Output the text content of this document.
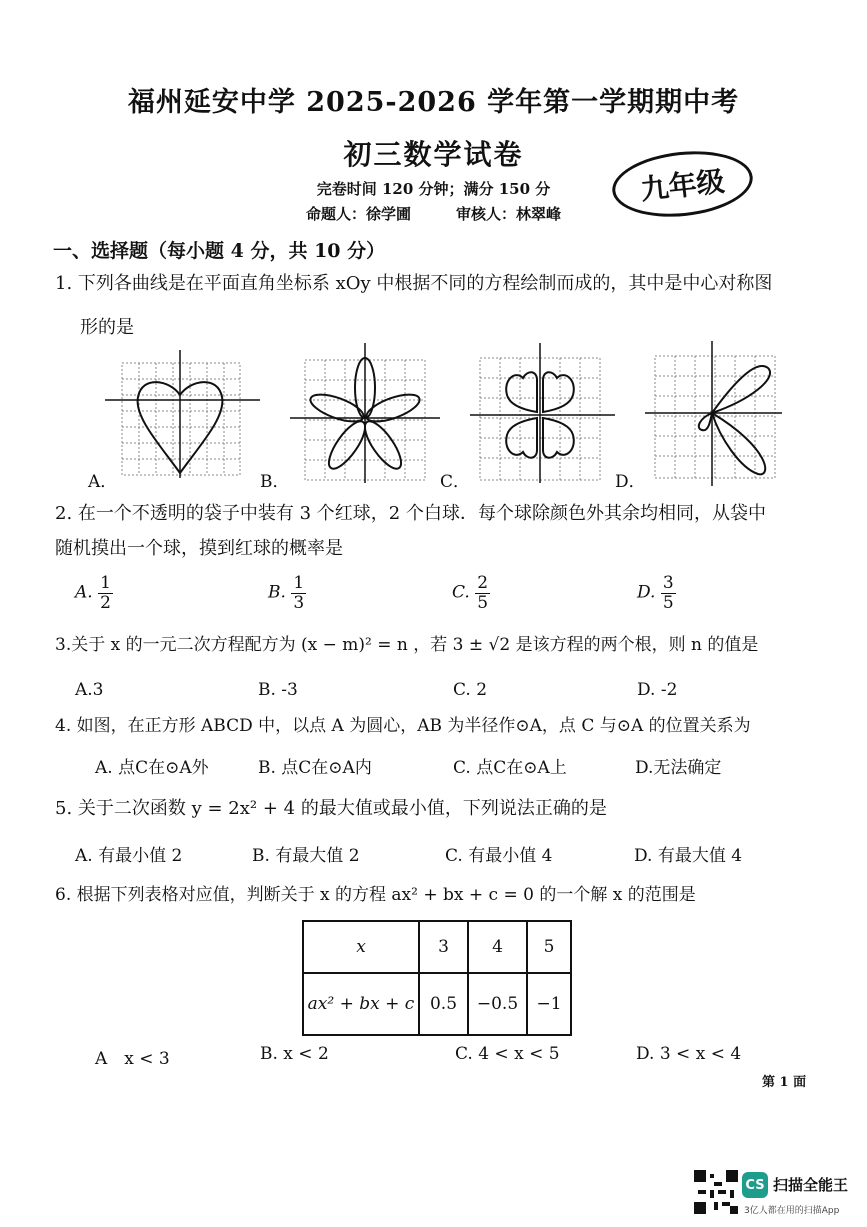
福州延安中学 2025-2026 学年第一学期期中考
初三数学试卷
完卷时间 120 分钟；满分 150 分
命题人：徐学圃　　　审核人：林翠峰
九年级
一、选择题（每小题 4 分，共 10 分）
1. 下列各曲线是在平面直角坐标系 xOy 中根据不同的方程绘制而成的，其中是中心对称图
形的是
A．	B．	C．	D．
2. 在一个不透明的袋子中装有 3 个红球，2 个白球．每个球除颜色外其余均相同，从袋中
随机摸出一个球，摸到红球的概率是
A. $\frac{1}{2}$	B. $\frac{1}{3}$	C. $\frac{2}{5}$	D. $\frac{3}{5}$
3.关于 x 的一元二次方程配方为 (x − m)² = n ，若 3 ± √2 是该方程的两个根，则 n 的值是
A.3	B. -3	C. 2	D. -2
4. 如图，在正方形 ABCD 中，以点 A 为圆心，AB 为半径作⊙A，点 C 与⊙A 的位置关系为
A. 点C在⊙A外	B. 点C在⊙A内	C. 点C在⊙A上	D.无法确定
5. 关于二次函数 y = 2x² + 4 的最大值或最小值，下列说法正确的是
A. 有最小值 2	B. 有最大值 2	C. 有最小值 4	D. 有最大值 4
6. 根据下列表格对应值，判断关于 x 的方程 ax² + bx + c = 0 的一个解 x 的范围是
x	3	4	5
ax² + bx + c	0.5	−0.5	−1
A　x < 3	B. x < 2	C. 4 < x < 5	D. 3 < x < 4
第 1 面
CS 扫描全能王
3亿人都在用的扫描App
